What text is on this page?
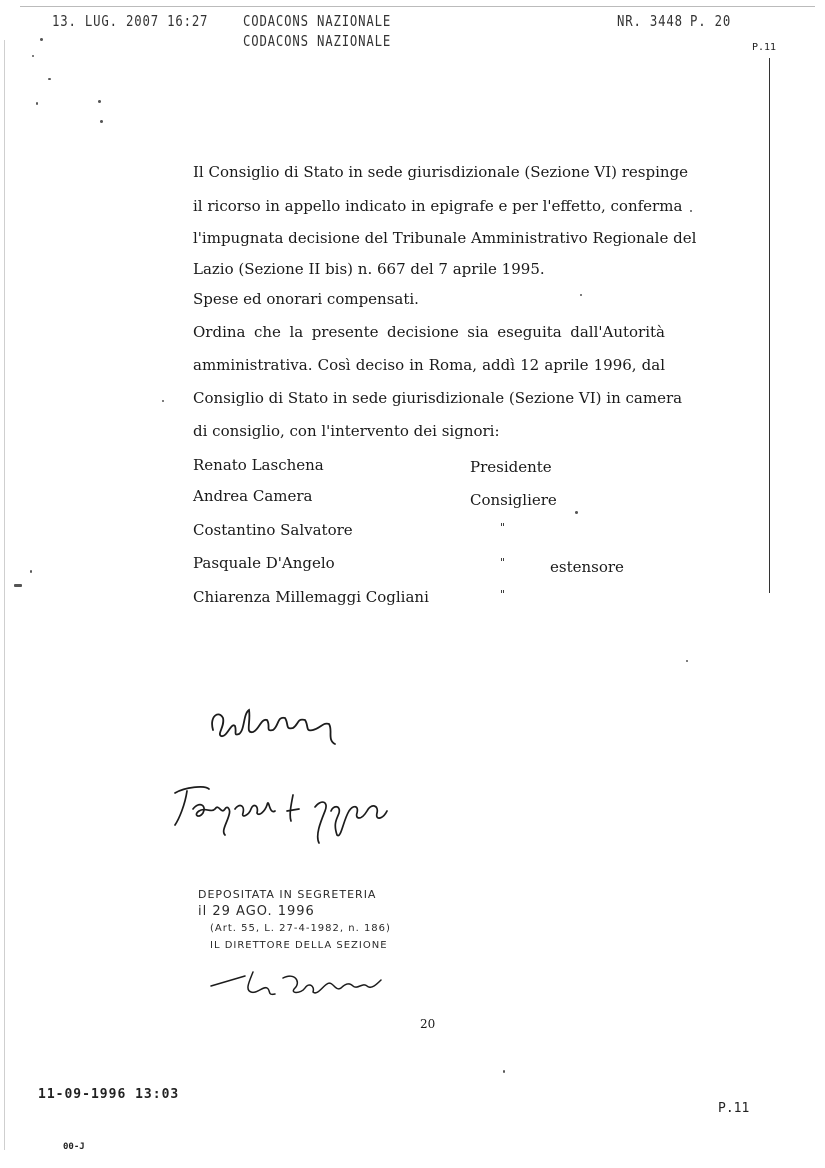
13. LUG. 2007 16:27 CODACONS NAZIONALE
CODACONS NAZIONALE
NR. 3448 P. 20
P.11
Il Consiglio di Stato in sede giurisdizionale (Sezione VI) respinge
il ricorso in appello indicato in epigrafe e per l'effetto, conferma
l'impugnata decisione del Tribunale Amministrativo Regionale del
Lazio (Sezione II bis) n. 667 del 7 aprile 1995.
Spese ed onorari compensati.
Ordina che la presente decisione sia eseguita dall'Autorità
amministrativa. Così deciso in Roma, addì 12 aprile 1996, dal
Consiglio di Stato in sede giurisdizionale (Sezione VI) in camera
di consiglio, con l'intervento dei signori:
Renato Laschena	Presidente
Andrea Camera	Consigliere
Costantino Salvatore	"
Pasquale D'Angelo	"	estensore
Chiarenza Millemaggi Cogliani	"
DEPOSITATA IN SEGRETERIA
il 29 AGO. 1996
(Art. 55, L. 27-4-1982, n. 186)
IL DIRETTORE DELLA SEZIONE
20
11-09-1996 13:03
P.11
00-J
